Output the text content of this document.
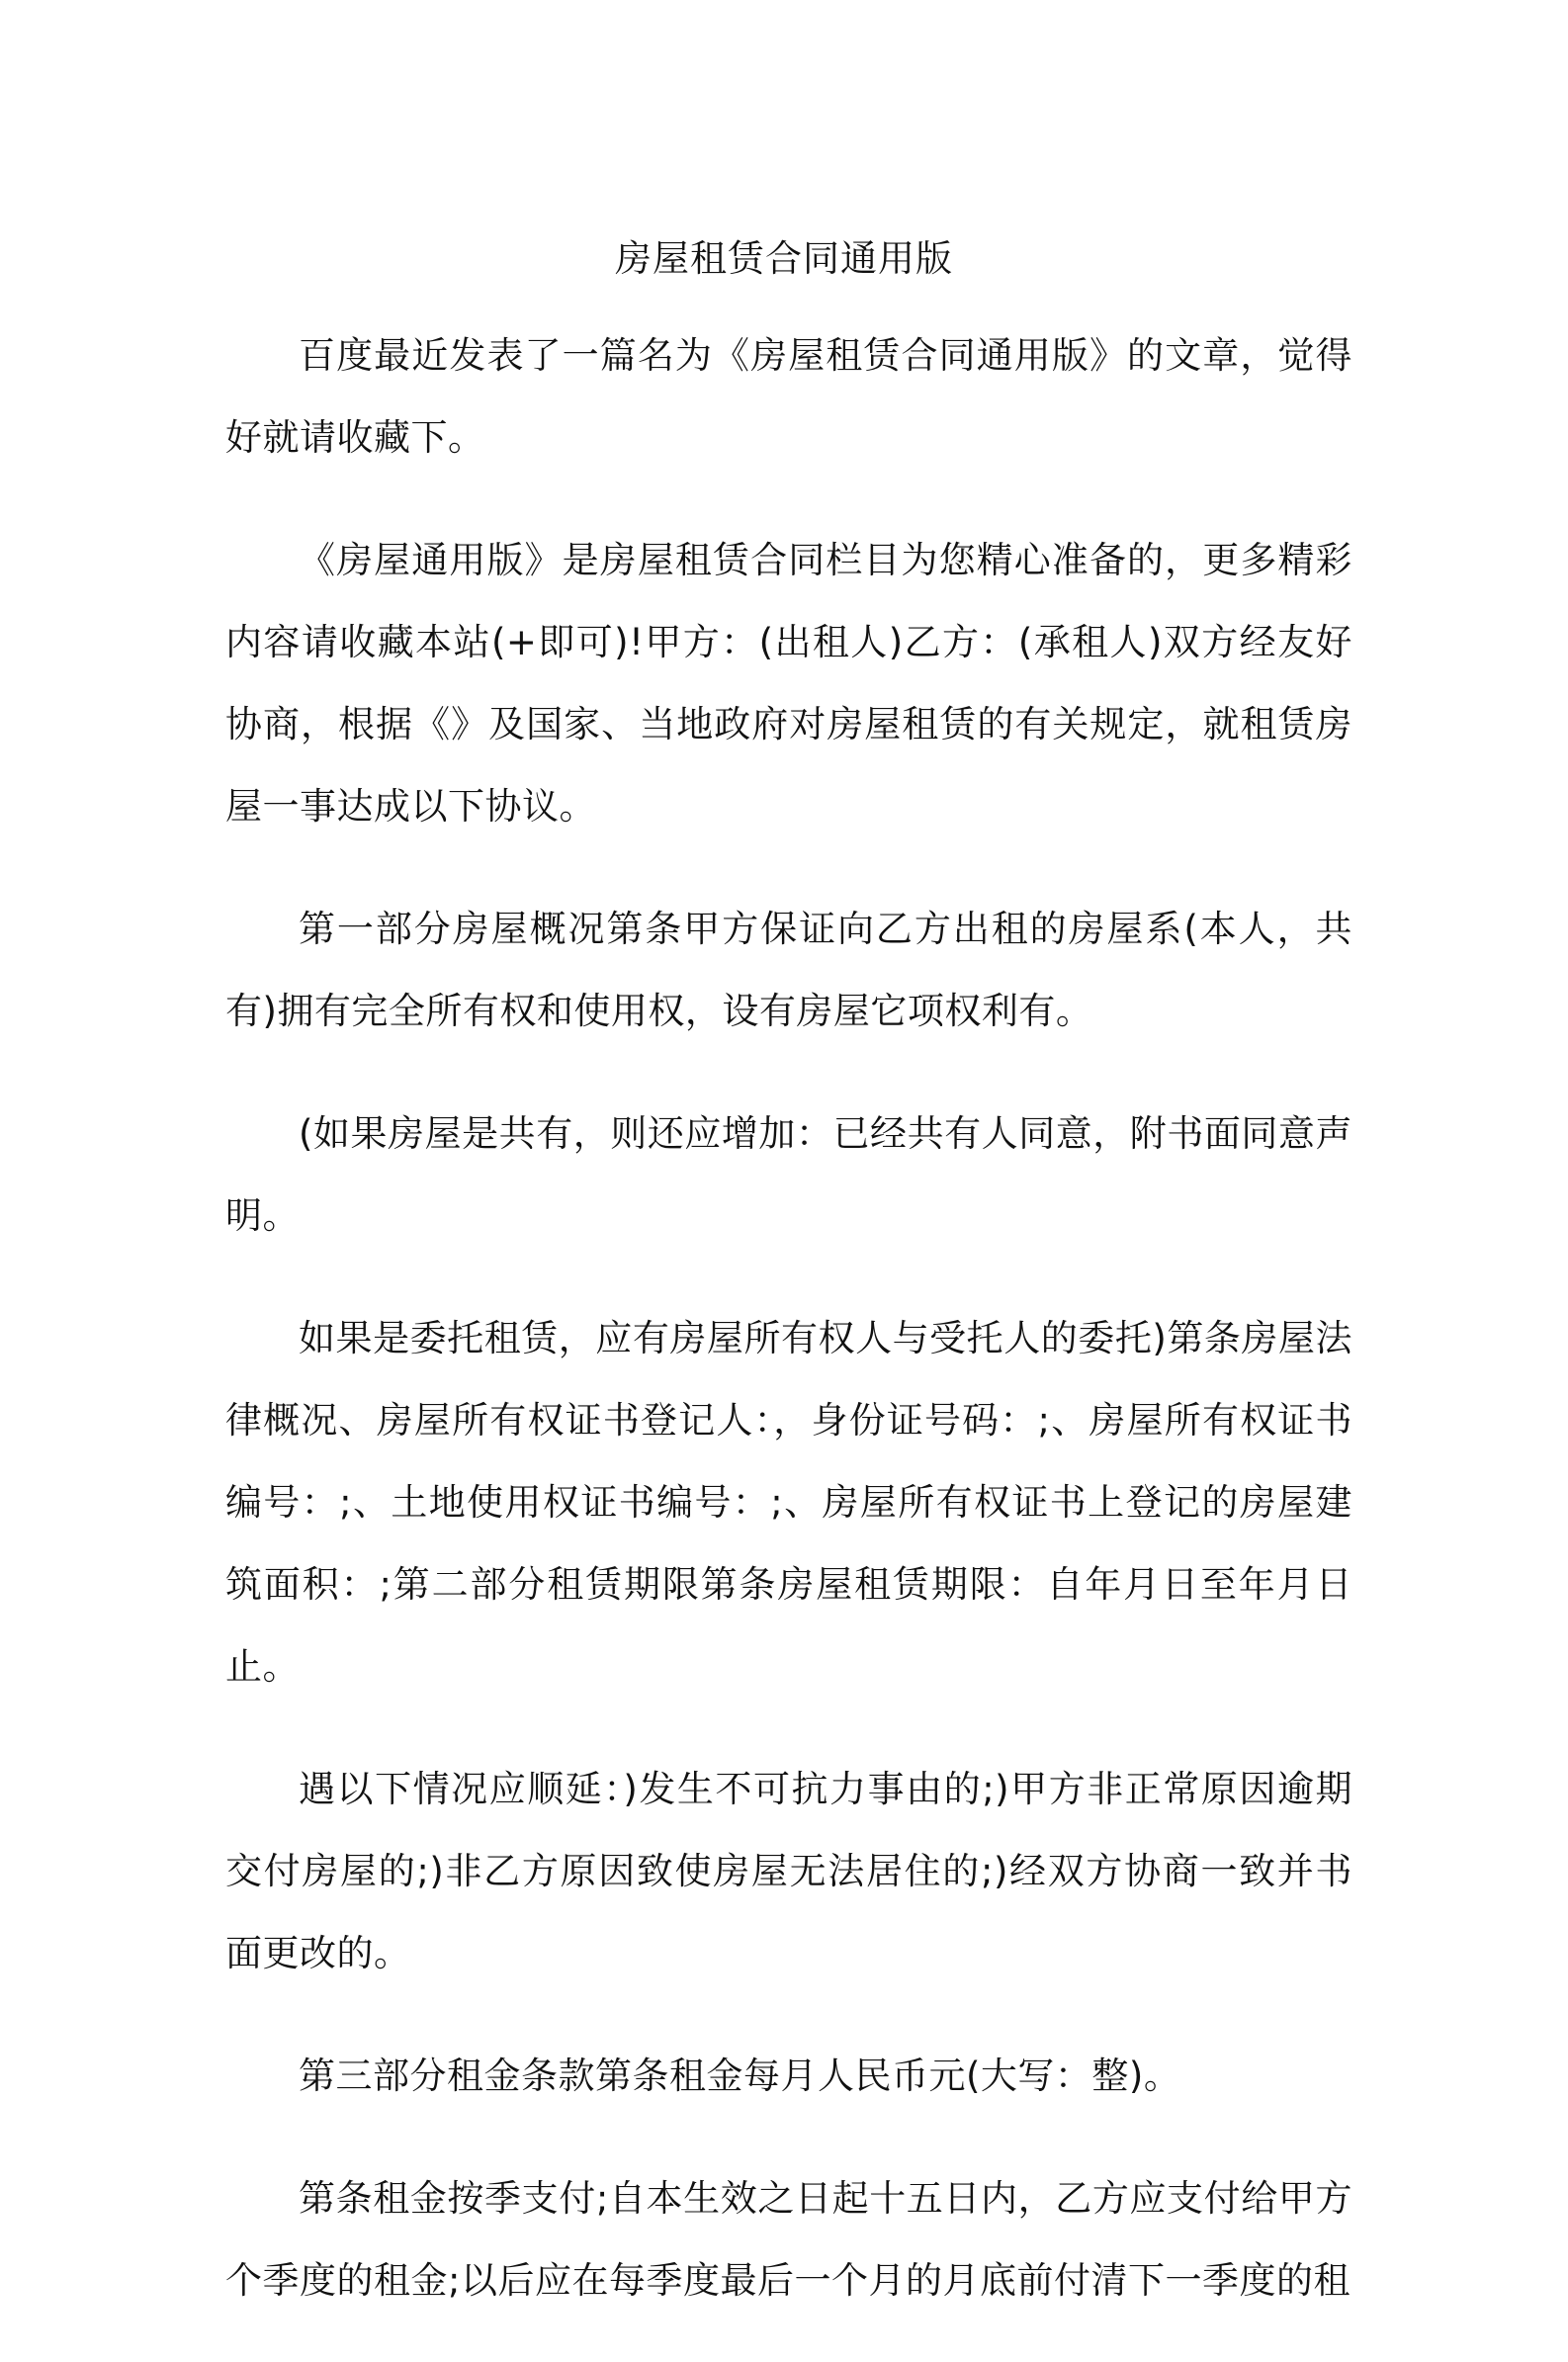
房屋租赁合同通用版

百度最近发表了一篇名为《房屋租赁合同通用版》的文章，觉得好就请收藏下。

《房屋通用版》是房屋租赁合同栏目为您精心准备的，更多精彩内容请收藏本站(+即可)!甲方：(出租人)乙方：(承租人)双方经友好协商，根据《》及国家、当地政府对房屋租赁的有关规定，就租赁房屋一事达成以下协议。

第一部分房屋概况第条甲方保证向乙方出租的房屋系(本人，共有)拥有完全所有权和使用权，设有房屋它项权利有。

(如果房屋是共有，则还应增加：已经共有人同意，附书面同意声明。

如果是委托租赁，应有房屋所有权人与受托人的委托)第条房屋法律概况、房屋所有权证书登记人：，身份证号码：;、房屋所有权证书编号：;、土地使用权证书编号：;、房屋所有权证书上登记的房屋建筑面积：;第二部分租赁期限第条房屋租赁期限：自年月日至年月日止。

遇以下情况应顺延：)发生不可抗力事由的;)甲方非正常原因逾期交付房屋的;)非乙方原因致使房屋无法居住的;)经双方协商一致并书面更改的。

第三部分租金条款第条租金每月人民币元(大写：整)。

第条租金按季支付;自本生效之日起十五日内，乙方应支付给甲方个季度的租金;以后应在每季度最后一个月的月底前付清下一季度的租
